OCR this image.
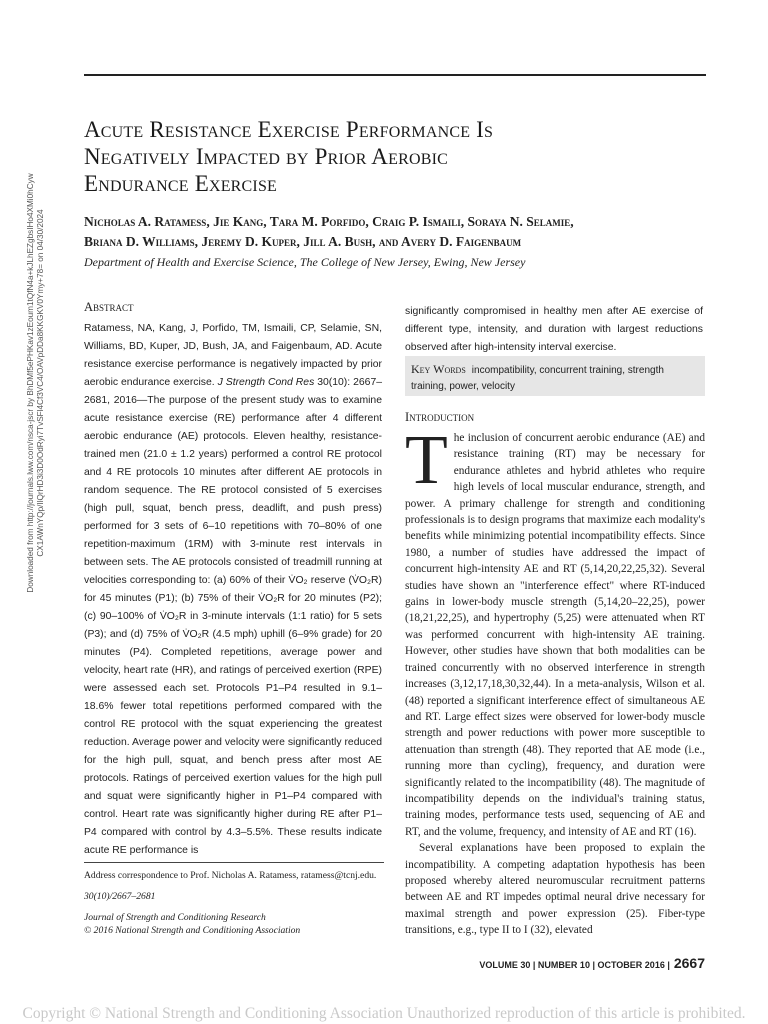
Downloaded from http://journals.lww.com/nsca-jscr by BhDMf5ePHKav1zEoum1tQfN4a+kJLhEZgbsIHo4XMi0hCyw CX1AWnYQp/IlQrHD3i3D0OdRyi7TvSFl4Cf3VC4/OAVpDDa8KKGKV0Ymy+78= on 04/30/2024
Acute Resistance Exercise Performance Is
Negatively Impacted by Prior Aerobic
Endurance Exercise
Nicholas A. Ratamess, Jie Kang, Tara M. Porfido, Craig P. Ismaili, Soraya N. Selamie,
Briana D. Williams, Jeremy D. Kuper, Jill A. Bush, and Avery D. Faigenbaum
Department of Health and Exercise Science, The College of New Jersey, Ewing, New Jersey
Abstract
Ratamess, NA, Kang, J, Porfido, TM, Ismaili, CP, Selamie, SN, Williams, BD, Kuper, JD, Bush, JA, and Faigenbaum, AD. Acute resistance exercise performance is negatively impacted by prior aerobic endurance exercise. J Strength Cond Res 30(10): 2667–2681, 2016—The purpose of the present study was to examine acute resistance exercise (RE) performance after 4 different aerobic endurance (AE) protocols. Eleven healthy, resistance-trained men (21.0 ± 1.2 years) performed a control RE protocol and 4 RE protocols 10 minutes after different AE protocols in random sequence. The RE protocol consisted of 5 exercises (high pull, squat, bench press, deadlift, and push press) performed for 3 sets of 6–10 repetitions with 70–80% of one repetition-maximum (1RM) with 3-minute rest intervals in between sets. The AE protocols consisted of treadmill running at velocities corresponding to: (a) 60% of their V̇O₂ reserve (V̇O₂R) for 45 minutes (P1); (b) 75% of their V̇O₂R for 20 minutes (P2); (c) 90–100% of V̇O₂R in 3-minute intervals (1:1 ratio) for 5 sets (P3); and (d) 75% of V̇O₂R (4.5 mph) uphill (6–9% grade) for 20 minutes (P4). Completed repetitions, average power and velocity, heart rate (HR), and ratings of perceived exertion (RPE) were assessed each set. Protocols P1–P4 resulted in 9.1–18.6% fewer total repetitions performed compared with the control RE protocol with the squat experiencing the greatest reduction. Average power and velocity were significantly reduced for the high pull, squat, and bench press after most AE protocols. Ratings of perceived exertion values for the high pull and squat were significantly higher in P1–P4 compared with control. Heart rate was significantly higher during RE after P1–P4 compared with control by 4.3–5.5%. These results indicate acute RE performance is
significantly compromised in healthy men after AE exercise of different type, intensity, and duration with largest reductions observed after high-intensity interval exercise.
Key Words incompatibility, concurrent training, strength training, power, velocity
Introduction

The inclusion of concurrent aerobic endurance (AE) and resistance training (RT) may be necessary for endurance athletes and hybrid athletes who require high levels of local muscular endurance, strength, and power. A primary challenge for strength and conditioning professionals is to design programs that maximize each modality's benefits while minimizing potential incompatibility effects. Since 1980, a number of studies have addressed the impact of concurrent high-intensity AE and RT (5,14,20,22,25,32). Several studies have shown an "interference effect" where RT-induced gains in lower-body muscle strength (5,14,20–22,25), power (18,21,22,25), and hypertrophy (5,25) were attenuated when RT was performed concurrent with high-intensity AE training. However, other studies have shown that both modalities can be trained concurrently with no observed interference in strength increases (3,12,17,18,30,32,44). In a meta-analysis, Wilson et al. (48) reported a significant interference effect of simultaneous AE and RT. Large effect sizes were observed for lower-body muscle strength and power reductions with power more susceptible to attenuation than strength (48). They reported that AE mode (i.e., running more than cycling), frequency, and duration were significantly related to the incompatibility (48). The magnitude of incompatibility depends on the individual's training status, training modes, performance tests used, sequencing of AE and RT, and the volume, frequency, and intensity of AE and RT (16).

Several explanations have been proposed to explain the incompatibility. A competing adaptation hypothesis has been proposed whereby altered neuromuscular recruitment patterns between AE and RT impedes optimal neural drive necessary for maximal strength and power expression (25). Fiber-type transitions, e.g., type II to I (32), elevated

Address correspondence to Prof. Nicholas A. Ratamess, ratamess@tcnj.edu.
30(10)/2667–2681
Journal of Strength and Conditioning Research
© 2016 National Strength and Conditioning Association
VOLUME 30 | NUMBER 10 | OCTOBER 2016 | 2667
Copyright © National Strength and Conditioning Association Unauthorized reproduction of this article is prohibited.
